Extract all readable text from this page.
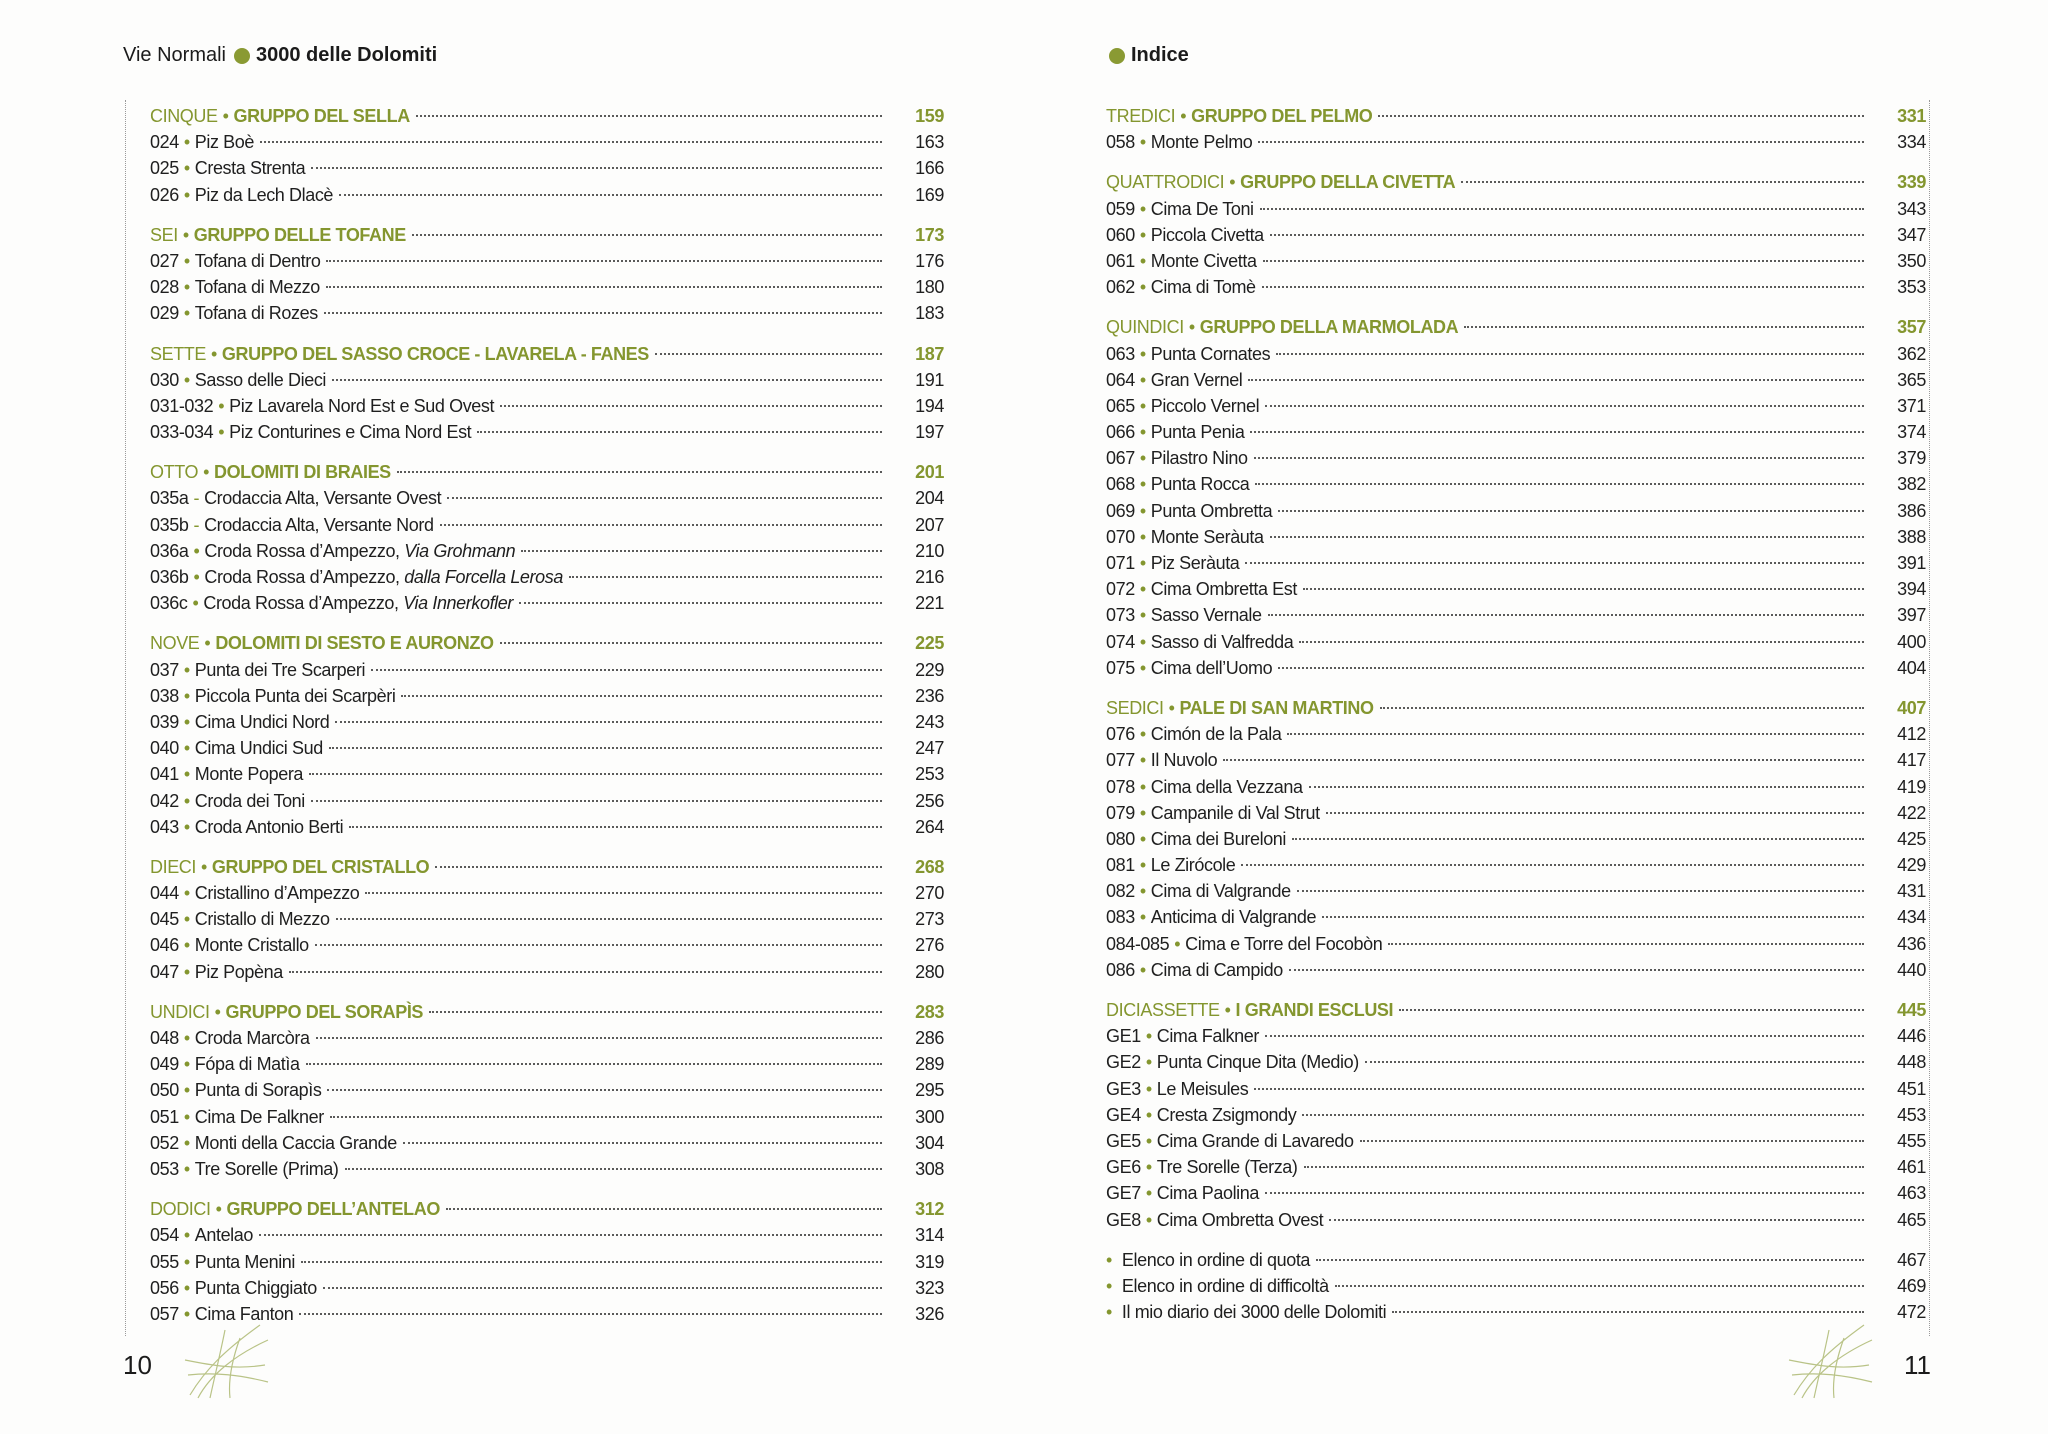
Vie Normali 3000 delle Dolomiti
CINQUE • GRUPPO DEL SELLA	159
024 • Piz Boè	163
025 • Cresta Strenta	166
026 • Piz da Lech Dlacè	169
SEI • GRUPPO DELLE TOFANE	173
027 • Tofana di Dentro	176
028 • Tofana di Mezzo	180
029 • Tofana di Rozes	183
SETTE • GRUPPO DEL SASSO CROCE - LAVARELA - FANES	187
030 • Sasso delle Dieci	191
031-032 • Piz Lavarela Nord Est e Sud Ovest	194
033-034 • Piz Conturines e Cima Nord Est	197
OTTO • DOLOMITI DI BRAIES	201
035a - Crodaccia Alta, Versante Ovest	204
035b - Crodaccia Alta, Versante Nord	207
036a • Croda Rossa d’Ampezzo, Via Grohmann	210
036b • Croda Rossa d’Ampezzo, dalla Forcella Lerosa	216
036c • Croda Rossa d’Ampezzo, Via Innerkofler	221
NOVE • DOLOMITI DI SESTO E AURONZO	225
037 • Punta dei Tre Scarperi	229
038 • Piccola Punta dei Scarpèri	236
039 • Cima Undici Nord	243
040 • Cima Undici Sud	247
041 • Monte Popera	253
042 • Croda dei Toni	256
043 • Croda Antonio Berti	264
DIECI • GRUPPO DEL CRISTALLO	268
044 • Cristallino d’Ampezzo	270
045 • Cristallo di Mezzo	273
046 • Monte Cristallo	276
047 • Piz Popèna	280
UNDICI • GRUPPO DEL SORAPÌS	283
048 • Croda Marcòra	286
049 • Fópa di Matìa	289
050 • Punta di Sorapìs	295
051 • Cima De Falkner	300
052 • Monti della Caccia Grande	304
053 • Tre Sorelle (Prima)	308
DODICI • GRUPPO DELL’ANTELAO	312
054 • Antelao	314
055 • Punta Menini	319
056 • Punta Chiggiato	323
057 • Cima Fanton	326
10
Indice
TREDICI • GRUPPO DEL PELMO	331
058 • Monte Pelmo	334
QUATTRODICI • GRUPPO DELLA CIVETTA	339
059 • Cima De Toni	343
060 • Piccola Civetta	347
061 • Monte Civetta	350
062 • Cima di Tomè	353
QUINDICI • GRUPPO DELLA MARMOLADA	357
063 • Punta Cornates	362
064 • Gran Vernel	365
065 • Piccolo Vernel	371
066 • Punta Penia	374
067 • Pilastro Nino	379
068 • Punta Rocca	382
069 • Punta Ombretta	386
070 • Monte Seràuta	388
071 • Piz Seràuta	391
072 • Cima Ombretta Est	394
073 • Sasso Vernale	397
074 • Sasso di Valfredda	400
075 • Cima dell’Uomo	404
SEDICI • PALE DI SAN MARTINO	407
076 • Cimón de la Pala	412
077 • Il Nuvolo	417
078 • Cima della Vezzana	419
079 • Campanile di Val Strut	422
080 • Cima dei Bureloni	425
081 • Le Zirócole	429
082 • Cima di Valgrande	431
083 • Anticima di Valgrande	434
084-085 • Cima e Torre del Focobòn	436
086 • Cima di Campido	440
DICIASSETTE • I GRANDI ESCLUSI	445
GE1 • Cima Falkner	446
GE2 • Punta Cinque Dita (Medio)	448
GE3 • Le Meisules	451
GE4 • Cresta Zsigmondy	453
GE5 • Cima Grande di Lavaredo	455
GE6 • Tre Sorelle (Terza)	461
GE7 • Cima Paolina	463
GE8 • Cima Ombretta Ovest	465
• Elenco in ordine di quota	467
• Elenco in ordine di difficoltà	469
• Il mio diario dei 3000 delle Dolomiti	472
11
